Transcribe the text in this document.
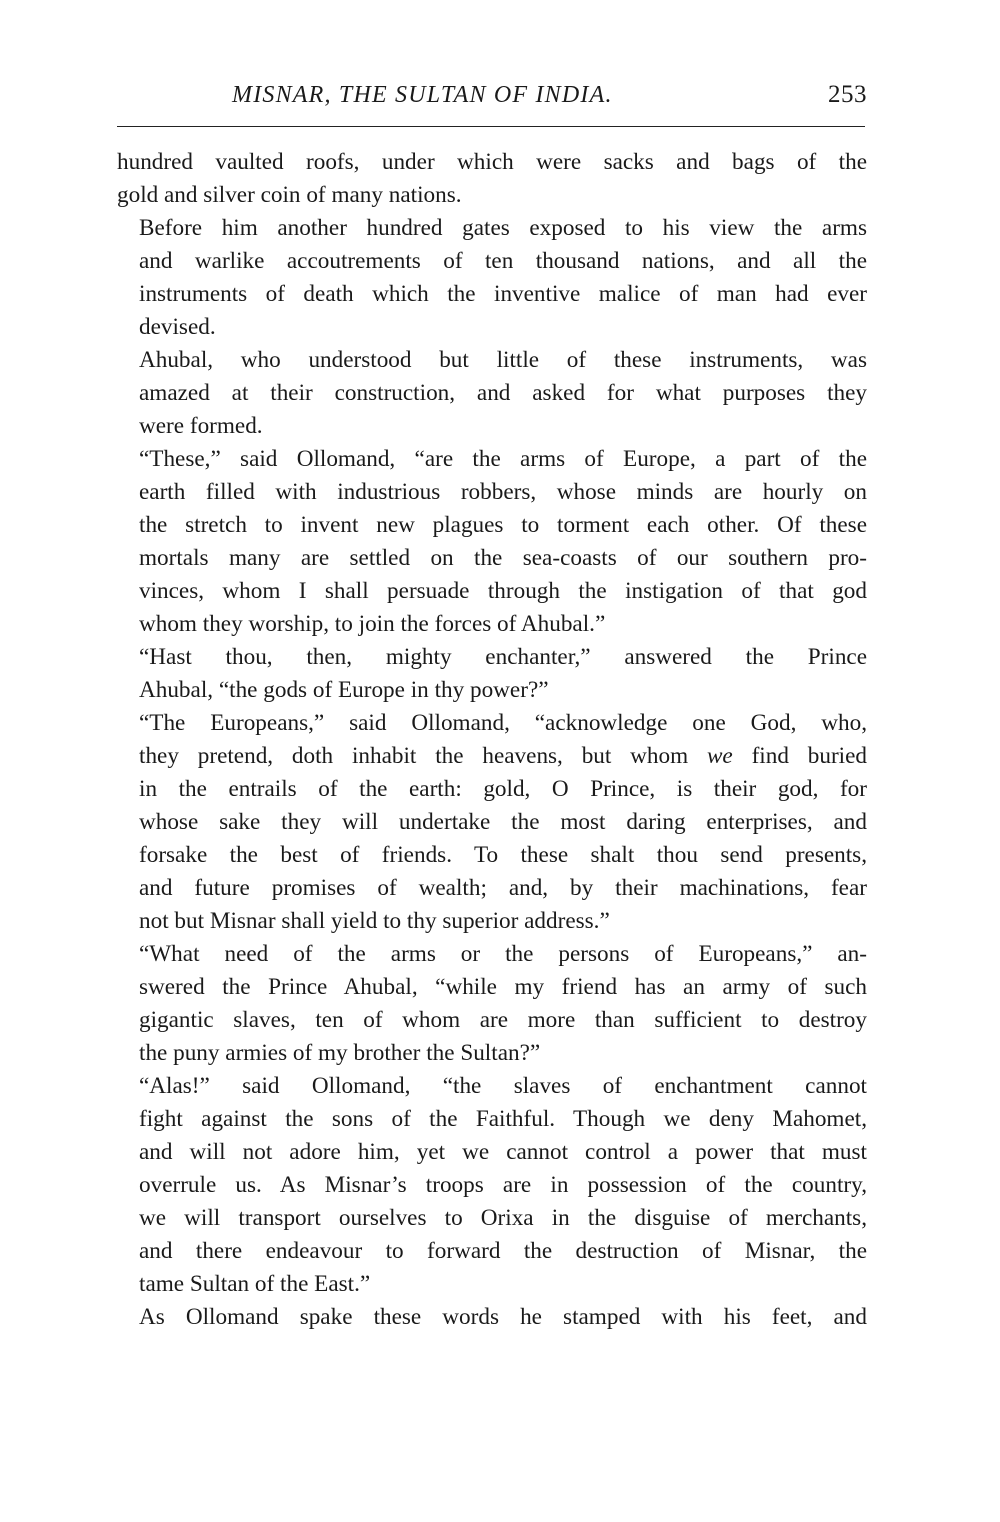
MISNAR, THE SULTAN OF INDIA.	253
hundred vaulted roofs, under which were sacks and bags of the
gold and silver coin of many nations.
Before him another hundred gates exposed to his view the arms
and warlike accoutrements of ten thousand nations, and all the
instruments of death which the inventive malice of man had ever
devised.
Ahubal, who understood but little of these instruments, was
amazed at their construction, and asked for what purposes they
were formed.
“These,” said Ollomand, “are the arms of Europe, a part of the
earth filled with industrious robbers, whose minds are hourly on
the stretch to invent new plagues to torment each other. Of these
mortals many are settled on the sea-coasts of our southern pro-
vinces, whom I shall persuade through the instigation of that god
whom they worship, to join the forces of Ahubal.”
“Hast thou, then, mighty enchanter,” answered the Prince
Ahubal, “the gods of Europe in thy power?”
“The Europeans,” said Ollomand, “acknowledge one God, who,
they pretend, doth inhabit the heavens, but whom we find buried
in the entrails of the earth: gold, O Prince, is their god, for
whose sake they will undertake the most daring enterprises, and
forsake the best of friends. To these shalt thou send presents,
and future promises of wealth; and, by their machinations, fear
not but Misnar shall yield to thy superior address.”
“What need of the arms or the persons of Europeans,” an-
swered the Prince Ahubal, “while my friend has an army of such
gigantic slaves, ten of whom are more than sufficient to destroy
the puny armies of my brother the Sultan?”
“Alas!” said Ollomand, “the slaves of enchantment cannot
fight against the sons of the Faithful. Though we deny Mahomet,
and will not adore him, yet we cannot control a power that must
overrule us. As Misnar’s troops are in possession of the country,
we will transport ourselves to Orixa in the disguise of merchants,
and there endeavour to forward the destruction of Misnar, the
tame Sultan of the East.”
As Ollomand spake these words he stamped with his feet, and
